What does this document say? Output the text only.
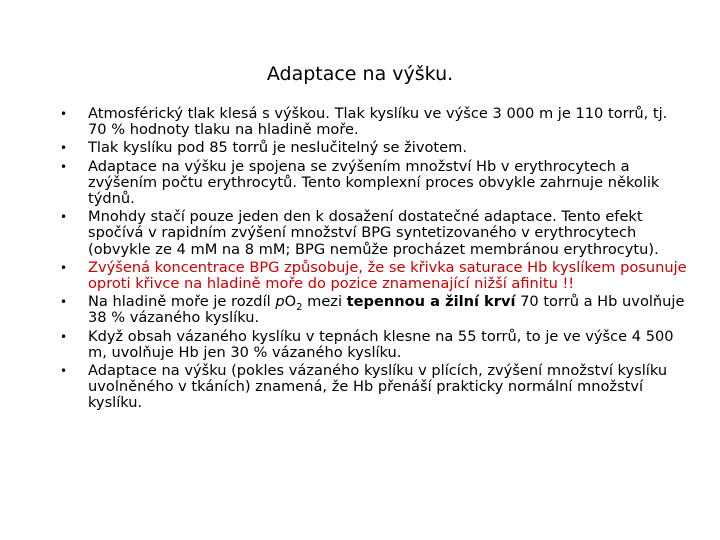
Adaptace na výšku.
• Atmosférický tlak klesá s výškou. Tlak kyslíku ve výšce 3 000 m je 110 torrů, tj. 70 % hodnoty tlaku na hladině moře.
• Tlak kyslíku pod 85 torrů je neslučitelný se životem.
• Adaptace na výšku je spojena se zvýšením množství Hb v erythrocytech a zvýšením počtu erythrocytů. Tento komplexní proces obvykle zahrnuje několik týdnů.
• Mnohdy stačí pouze jeden den k dosažení dostatečné adaptace. Tento efekt spočívá v rapidním zvýšení množství BPG syntetizovaného v erythrocytech (obvykle ze 4 mM na 8 mM; BPG nemůže procházet membránou erythrocytu).
• Zvýšená koncentrace BPG způsobuje, že se křivka saturace Hb kyslíkem posunuje oproti křivce na hladině moře do pozice znamenající nižší afinitu !!
• Na hladině moře je rozdíl $pO_2$ mezi tepennou a žilní krví 70 torrů a Hb uvolňuje 38 % vázaného kyslíku.
• Když obsah vázaného kyslíku v tepnách klesne na 55 torrů, to je ve výšce 4 500 m, uvolňuje Hb jen 30 % vázaného kyslíku.
• Adaptace na výšku (pokles vázaného kyslíku v plících, zvýšení množství kyslíku uvolněného v tkáních) znamená, že Hb přenáší prakticky normální množství kyslíku.
